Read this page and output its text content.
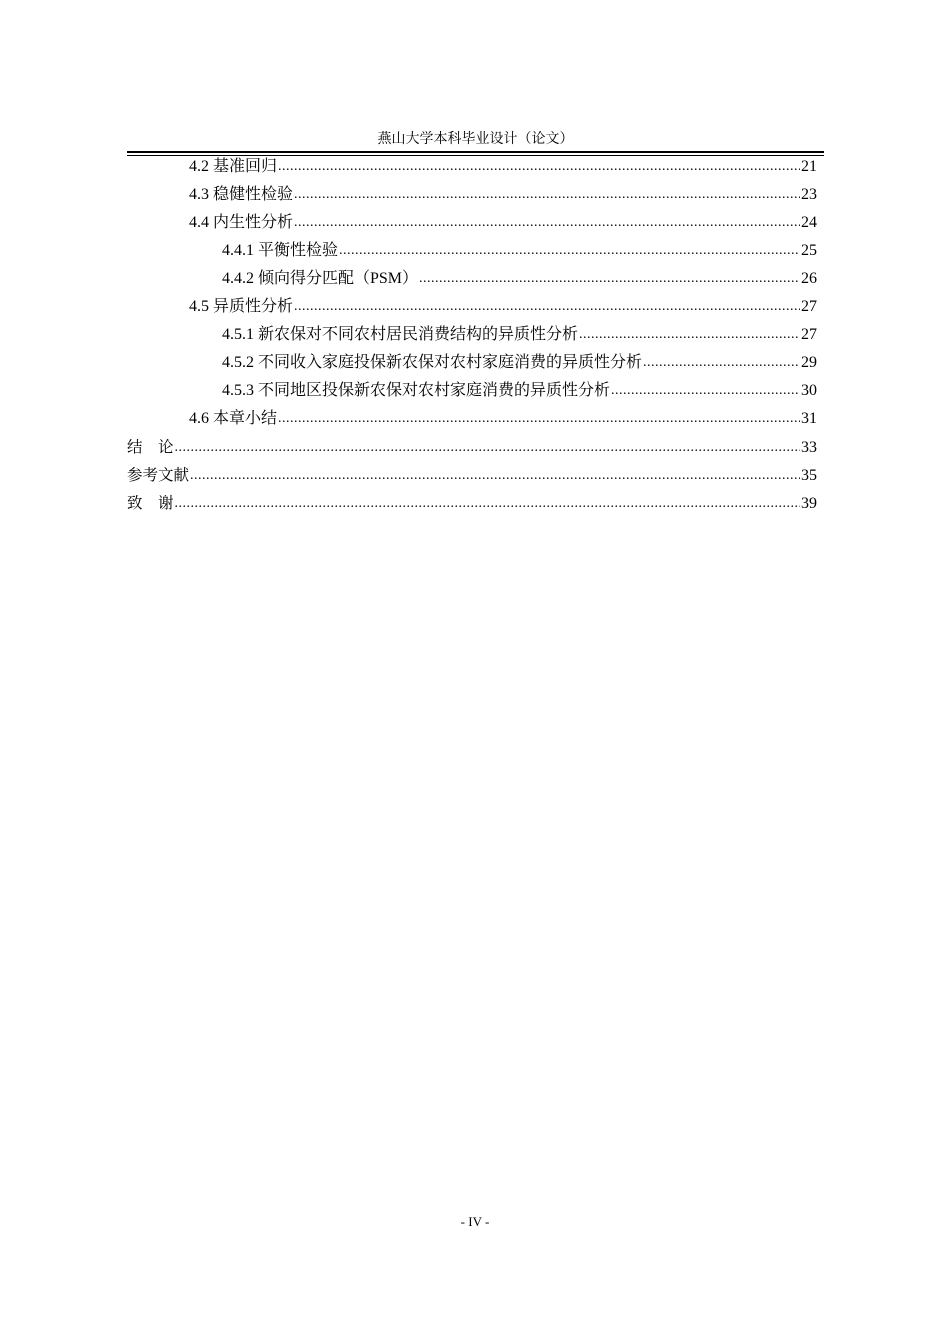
燕山大学本科毕业设计（论文）
4.2 基准回归 .....	21
4.3 稳健性检验 .....	23
4.4 内生性分析 .....	24
4.4.1 平衡性检验 .....	25
4.4.2 倾向得分匹配（PSM） .....	26
4.5 异质性分析 .....	27
4.5.1 新农保对不同农村居民消费结构的异质性分析 .....	27
4.5.2 不同收入家庭投保新农保对农村家庭消费的异质性分析 .....	29
4.5.3 不同地区投保新农保对农村家庭消费的异质性分析 .....	30
4.6 本章小结 .....	31
结　论 .....	33
参考文献 .....	35
致　谢 .....	39
- IV -
